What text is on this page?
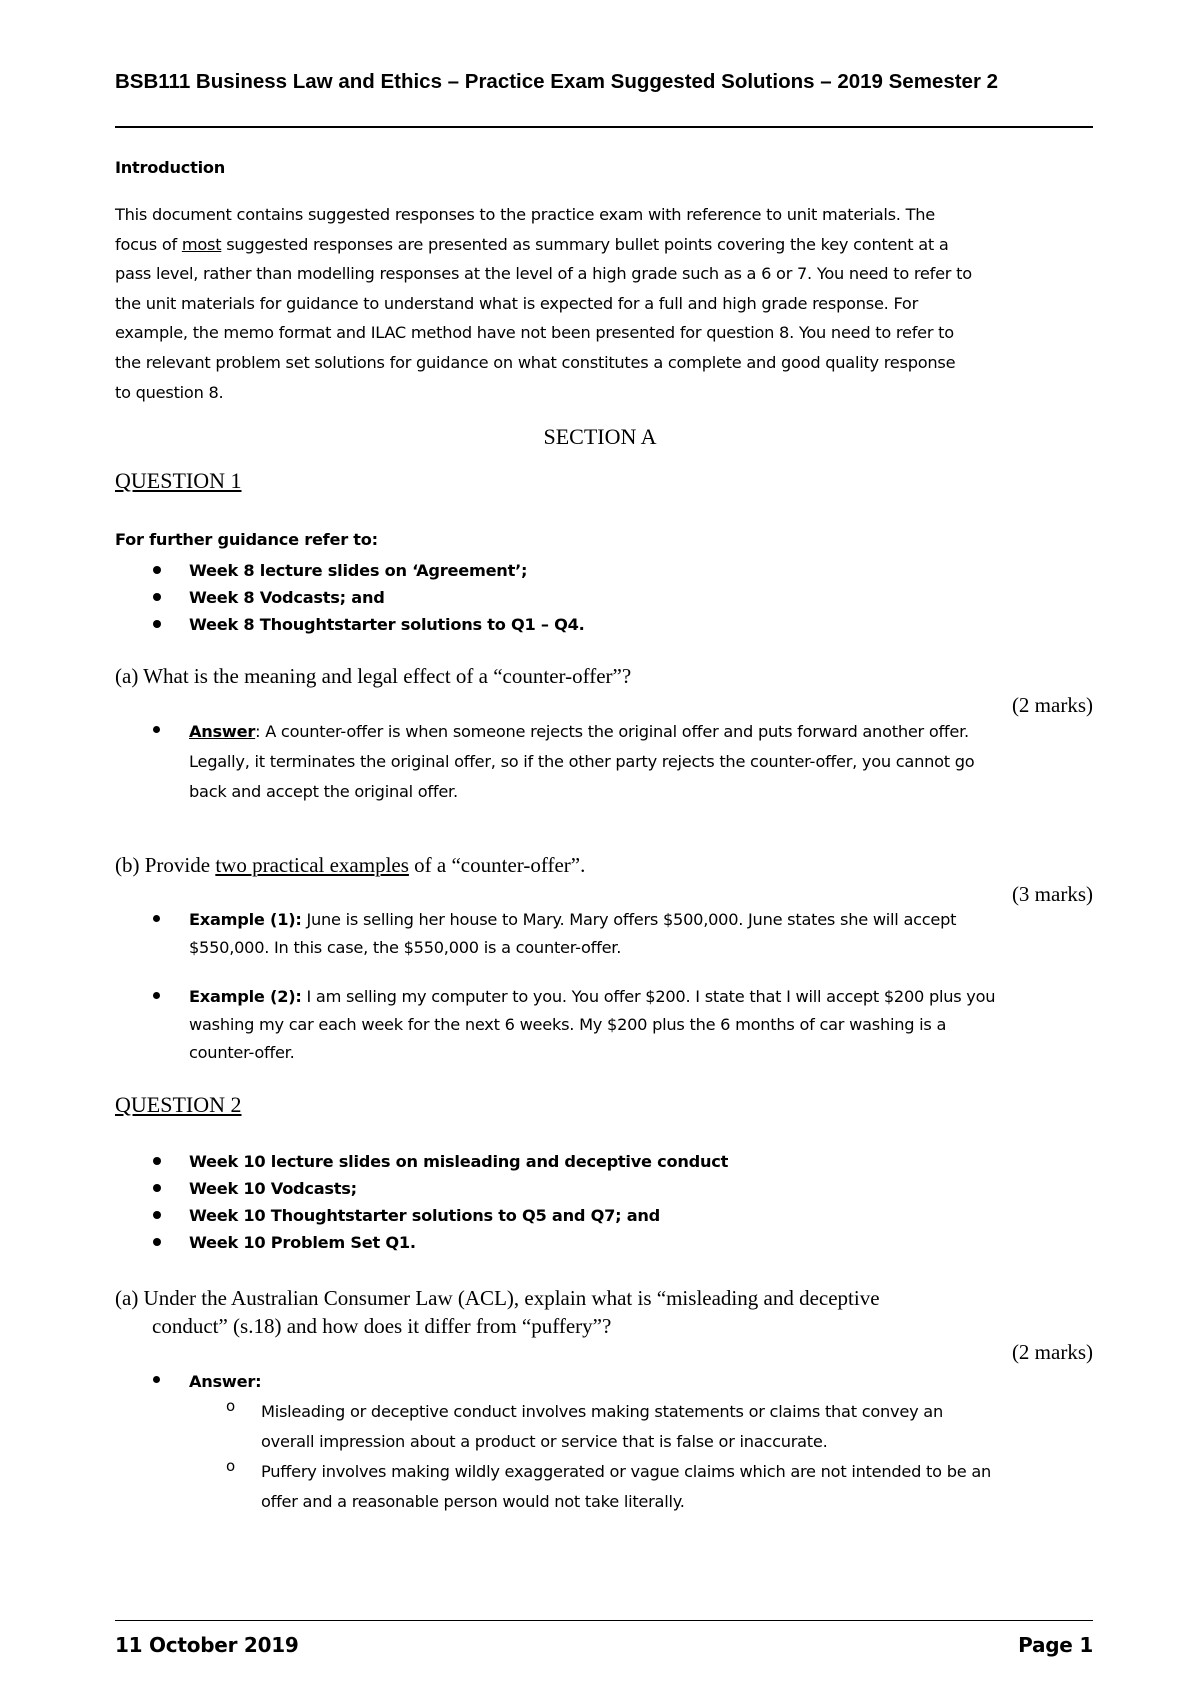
BSB111 Business Law and Ethics – Practice Exam Suggested Solutions – 2019 Semester 2
Introduction

This document contains suggested responses to the practice exam with reference to unit materials. The

focus of most suggested responses are presented as summary bullet points covering the key content at a

pass level, rather than modelling responses at the level of a high grade such as a 6 or 7. You need to refer to

the unit materials for guidance to understand what is expected for a full and high grade response. For

example, the memo format and ILAC method have not been presented for question 8. You need to refer to

the relevant problem set solutions for guidance on what constitutes a complete and good quality response

to question 8.

SECTION A
QUESTION 1
For further guidance refer to:
Week 8 lecture slides on ‘Agreement’;
Week 8 Vodcasts; and
Week 8 Thoughtstarter solutions to Q1 – Q4.
(a) What is the meaning and legal effect of a “counter-offer”?
(2 marks)
Answer: A counter-offer is when someone rejects the original offer and puts forward another offer.
Legally, it terminates the original offer, so if the other party rejects the counter-offer, you cannot go
back and accept the original offer.
(b) Provide two practical examples of a “counter-offer”.
(3 marks)
Example (1): June is selling her house to Mary. Mary offers $500,000. June states she will accept
$550,000. In this case, the $550,000 is a counter-offer.
Example (2): I am selling my computer to you. You offer $200. I state that I will accept $200 plus you
washing my car each week for the next 6 weeks. My $200 plus the 6 months of car washing is a
counter-offer.
QUESTION 2
Week 10 lecture slides on misleading and deceptive conduct
Week 10 Vodcasts;
Week 10 Thoughtstarter solutions to Q5 and Q7; and
Week 10 Problem Set Q1.
(a) Under the Australian Consumer Law (ACL), explain what is “misleading and deceptive
conduct” (s.18) and how does it differ from “puffery”?
(2 marks)
Answer:
o Misleading or deceptive conduct involves making statements or claims that convey an
overall impression about a product or service that is false or inaccurate.
o Puffery involves making wildly exaggerated or vague claims which are not intended to be an
offer and a reasonable person would not take literally.
11 October 2019	Page 1
